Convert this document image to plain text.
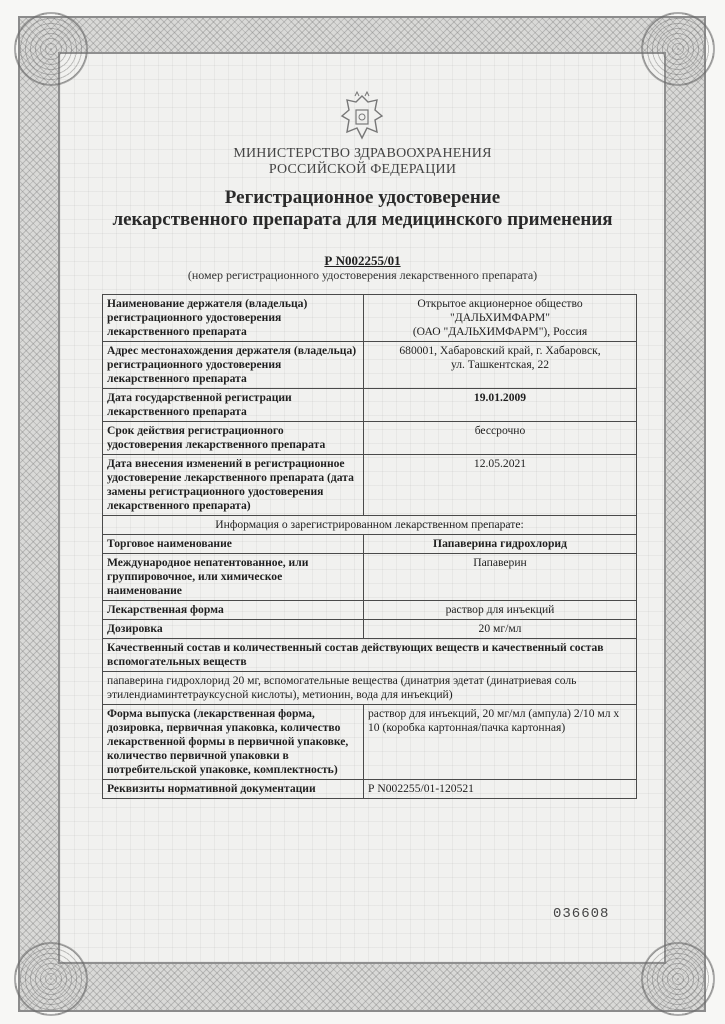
МИНИСТЕРСТВО ЗДРАВООХРАНЕНИЯ
РОССИЙСКОЙ ФЕДЕРАЦИИ
Регистрационное удостоверение
лекарственного препарата для медицинского применения
Р N002255/01
(номер регистрационного удостоверения лекарственного препарата)
Наименование держателя (владельца) регистрационного удостоверения лекарственного препарата	Открытое акционерное общество
"ДАЛЬХИМФАРМ"
(ОАО "ДАЛЬХИМФАРМ"), Россия

Адрес местонахождения держателя (владельца) регистрационного удостоверения лекарственного препарата	680001, Хабаровский край, г. Хабаровск,
ул. Ташкентская, 22

Дата государственной регистрации лекарственного препарата	19.01.2009
Срок действия регистрационного удостоверения лекарственного препарата	бессрочно
Дата внесения изменений в регистрационное удостоверение лекарственного препарата (дата замены регистрационного удостоверения лекарственного препарата)	12.05.2021
Информация о зарегистрированном лекарственном препарате:	
Торговое наименование	Папаверина гидрохлорид
Международное непатентованное, или группировочное, или химическое наименование	Папаверин
Лекарственная форма	раствор для инъекций
Дозировка	20 мг/мл
Качественный состав и количественный состав действующих веществ и качественный состав вспомогательных веществ	
папаверина гидрохлорид 20 мг, вспомогательные вещества (динатрия эдетат (динатриевая соль этилендиаминтетрауксусной кислоты), метионин, вода для инъекций)	
Форма выпуска (лекарственная форма, дозировка, первичная упаковка, количество лекарственной формы в первичной упаковке, количество первичной упаковки в потребительской упаковке, комплектность)	раствор для инъекций, 20 мг/мл (ампула) 2/10 мл x 10 (коробка картонная/пачка картонная)
Реквизиты нормативной документации	Р N002255/01-120521
036608
